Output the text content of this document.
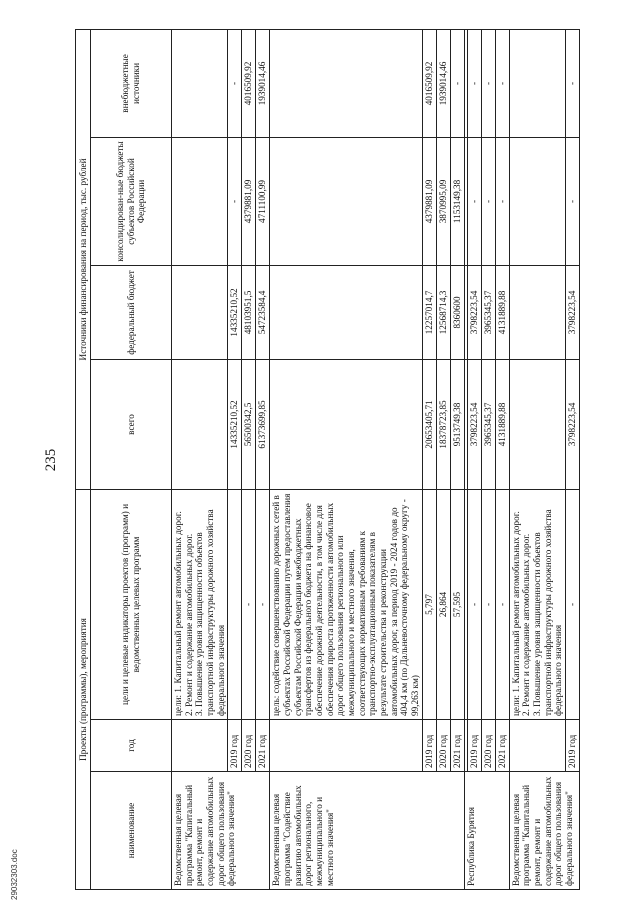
235
Проекты (программы), мероприятия			Источники финансирования на период, тыс. рублей			
наименование	год	цели и целевые индикаторы проектов (программ) и ведомственных целевых программ	всего	федеральный бюджет	консолидирован-ные бюджеты субъектов Российской Федерации	внебюджетные источники
Ведомственная целевая программа "Капитальный ремонт, ремонт и содержание автомобильных дорог общего пользования федерального значения"		цели: 1. Капитальный ремонт автомобильных дорог.
2. Ремонт и содержание автомобильных дорог.
3. Повышение уровня защищенности объектов транспортной инфраструктуры дорожного хозяйства федерального значения				
	2019 год		14335210,52	14335210,52	-	-
	2020 год	-	56500342,5	48103951,5	4379881,09	4016509,92
	2021 год	-	61373699,85	54723584,4	4711100,99	1939014,46
Ведомственная целевая программа "Содействие развитию автомобильных дорог регионального, межмуниципального и местного значения"		цель: содействие совершенствованию дорожных сетей в субъектах Российской Федерации путем предоставления субъектам Российской Федерации межбюджетных трансфертов из федерального бюджета на финансовое обеспечение дорожной деятельности, в том числе для обеспечения прироста протяженности автомобильных дорог общего пользования регионального или межмуниципального и местного значения, соответствующих нормативным требованиям к транспортно-эксплуатационным показателям в результате строительства и реконструкции автомобильных дорог, за период 2019 - 2024 годов до 404,4 км (по Дальневосточному федеральному округу - 99,263 км)				
	2019 год	5,797	20653405,71	12257014,7	4379881,09	4016509,92
	2020 год	26,864	18378723,85	12568714,3	3870995,09	1939014,46
	2021 год	57,595	9513749,38	8360600	1153149,38	-
Республика Бурятия						
	2019 год	-	3798223,54	3798223,54	-	-
	2020 год	-	3965345,37	3965345,37	-	-
	2021 год	-	4131889,88	4131889,88	-	-
Ведомственная целевая программа "Капитальный ремонт, ремонт и содержание автомобильных дорог общего пользования федерального значения"		цели: 1. Капитальный ремонт автомобильных дорог.
2. Ремонт и содержание автомобильных дорог.
3. Повышение уровня защищенности объектов транспортной инфраструктуры дорожного хозяйства федерального значения				
	2019 год	-	3798223,54	3798223,54	-	-
29032303.doc
